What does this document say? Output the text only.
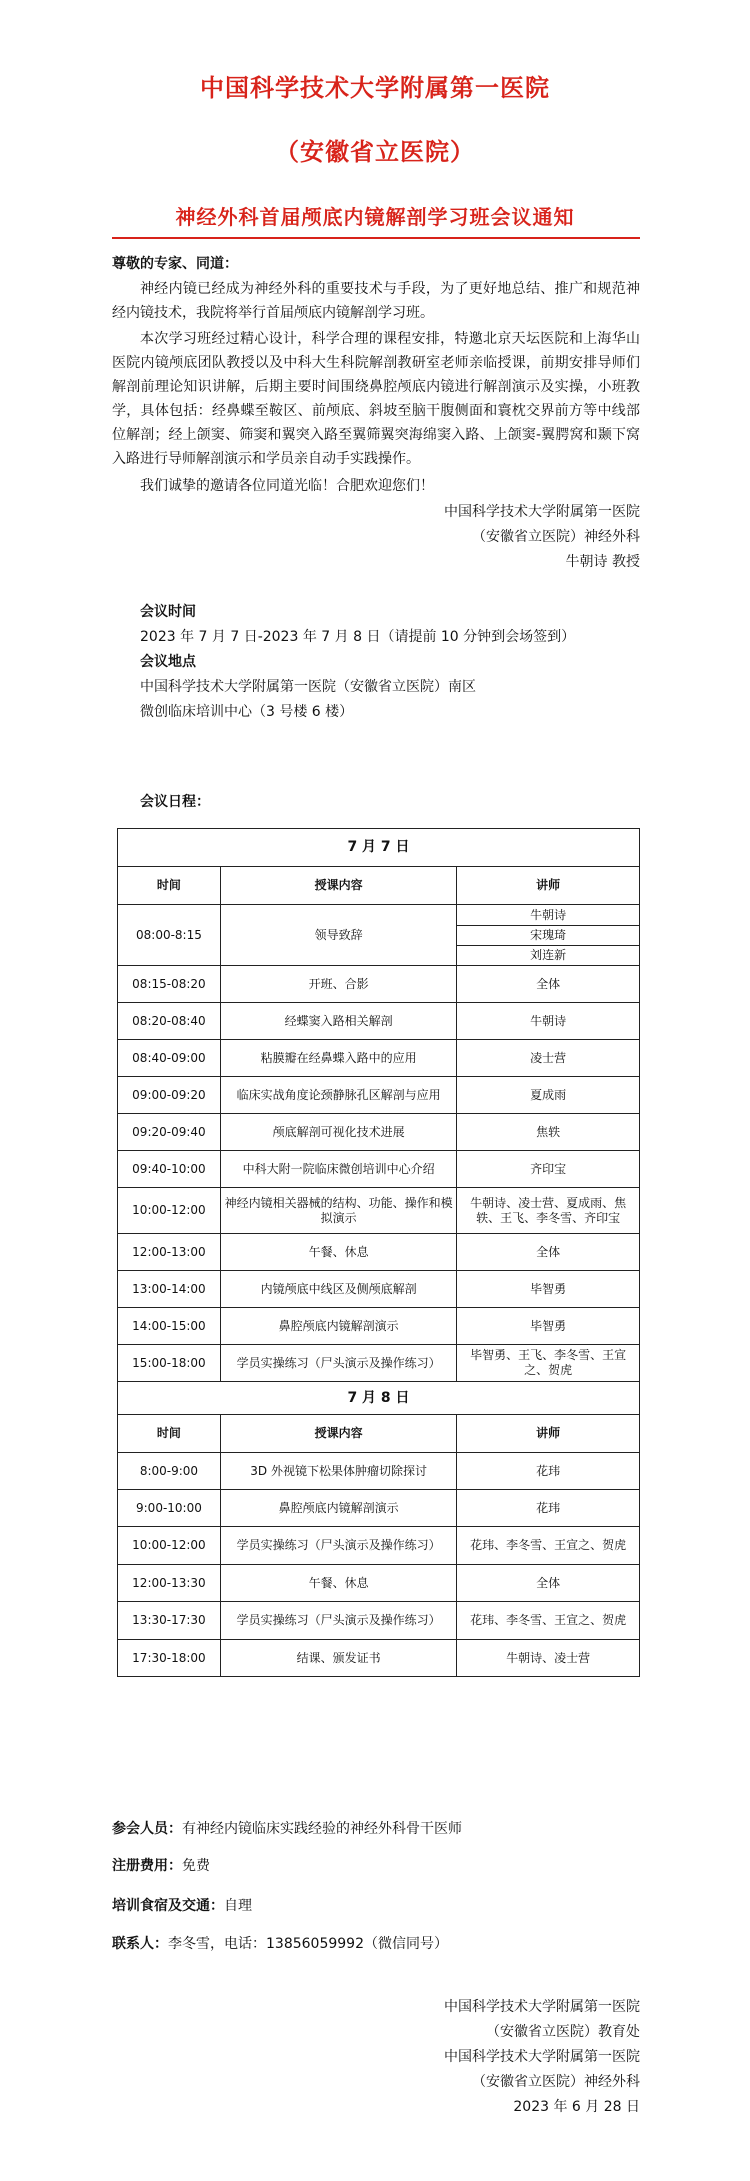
中国科学技术大学附属第一医院
（安徽省立医院）
神经外科首届颅底内镜解剖学习班会议通知
尊敬的专家、同道：
神经内镜已经成为神经外科的重要技术与手段，为了更好地总结、推广和规范神经内镜技术，我院将举行首届颅底内镜解剖学习班。
本次学习班经过精心设计，科学合理的课程安排，特邀北京天坛医院和上海华山医院内镜颅底团队教授以及中科大生科院解剖教研室老师亲临授课，前期安排导师们解剖前理论知识讲解，后期主要时间围绕鼻腔颅底内镜进行解剖演示及实操，小班教学，具体包括：经鼻蝶至鞍区、前颅底、斜坡至脑干腹侧面和寰枕交界前方等中线部位解剖；经上颌窦、筛窦和翼突入路至翼筛翼突海绵窦入路、上颌窦-翼腭窝和颞下窝入路进行导师解剖演示和学员亲自动手实践操作。
我们诚挚的邀请各位同道光临！合肥欢迎您们！
中国科学技术大学附属第一医院
（安徽省立医院）神经外科
牛朝诗 教授
会议时间
2023 年 7 月 7 日-2023 年 7 月 8 日（请提前 10 分钟到会场签到）
会议地点
中国科学技术大学附属第一医院（安徽省立医院）南区
微创临床培训中心（3 号楼 6 楼）
会议日程：
7 月 7 日		
时间	授课内容	讲师
08:00-8:15	领导致辞	牛朝诗
宋瑰琦
刘连新

08:15-08:20	开班、合影	全体
08:20-08:40	经蝶窦入路相关解剖	牛朝诗
08:40-09:00	粘膜瓣在经鼻蝶入路中的应用	凌士营
09:00-09:20	临床实战角度论颈静脉孔区解剖与应用	夏成雨
09:20-09:40	颅底解剖可视化技术进展	焦轶
09:40-10:00	中科大附一院临床微创培训中心介绍	齐印宝
10:00-12:00	神经内镜相关器械的结构、功能、操作和模拟演示	牛朝诗、凌士营、夏成雨、焦轶、王飞、李冬雪、齐印宝
12:00-13:00	午餐、休息	全体
13:00-14:00	内镜颅底中线区及侧颅底解剖	毕智勇
14:00-15:00	鼻腔颅底内镜解剖演示	毕智勇
15:00-18:00	学员实操练习（尸头演示及操作练习）	毕智勇、王飞、李冬雪、王宣之、贺虎
7 月 8 日		
时间	授课内容	讲师
8:00-9:00	3D 外视镜下松果体肿瘤切除探讨	花玮
9:00-10:00	鼻腔颅底内镜解剖演示	花玮
10:00-12:00	学员实操练习（尸头演示及操作练习）	花玮、李冬雪、王宣之、贺虎
12:00-13:30	午餐、休息	全体
13:30-17:30	学员实操练习（尸头演示及操作练习）	花玮、李冬雪、王宣之、贺虎
17:30-18:00	结课、颁发证书	牛朝诗、凌士营
参会人员：有神经内镜临床实践经验的神经外科骨干医师
注册费用：免费
培训食宿及交通：自理
联系人：李冬雪，电话：13856059992（微信同号）
中国科学技术大学附属第一医院
（安徽省立医院）教育处
中国科学技术大学附属第一医院
（安徽省立医院）神经外科
2023 年 6 月 28 日
